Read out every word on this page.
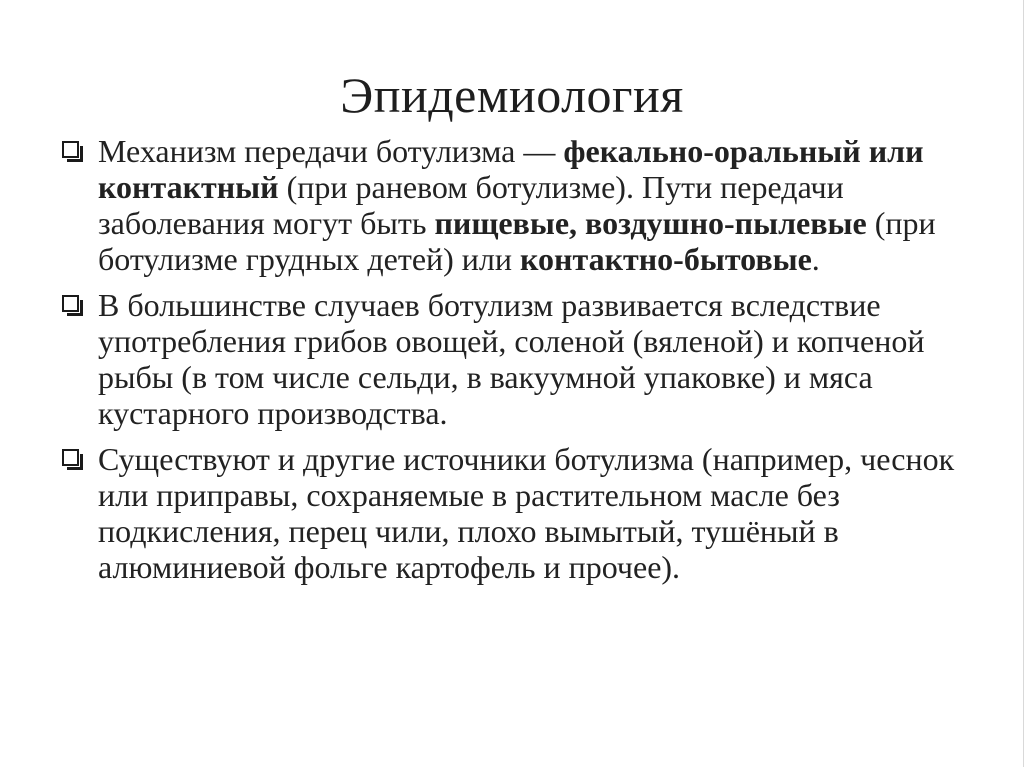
Эпидемиология
Механизм передачи ботулизма — фекально-оральный или контактный (при раневом ботулизме). Пути передачи заболевания могут быть пищевые, воздушно-пылевые (при ботулизме грудных детей) или контактно-бытовые.
В большинстве случаев ботулизм развивается вследствие употребления грибов овощей, соленой (вяленой) и копченой рыбы (в том числе сельди, в вакуумной упаковке) и мяса кустарного производства.
Существуют и другие источники ботулизма (например, чеснок или приправы, сохраняемые в растительном масле без подкисления, перец чили, плохо вымытый, тушёный в алюминиевой фольге картофель и прочее).
